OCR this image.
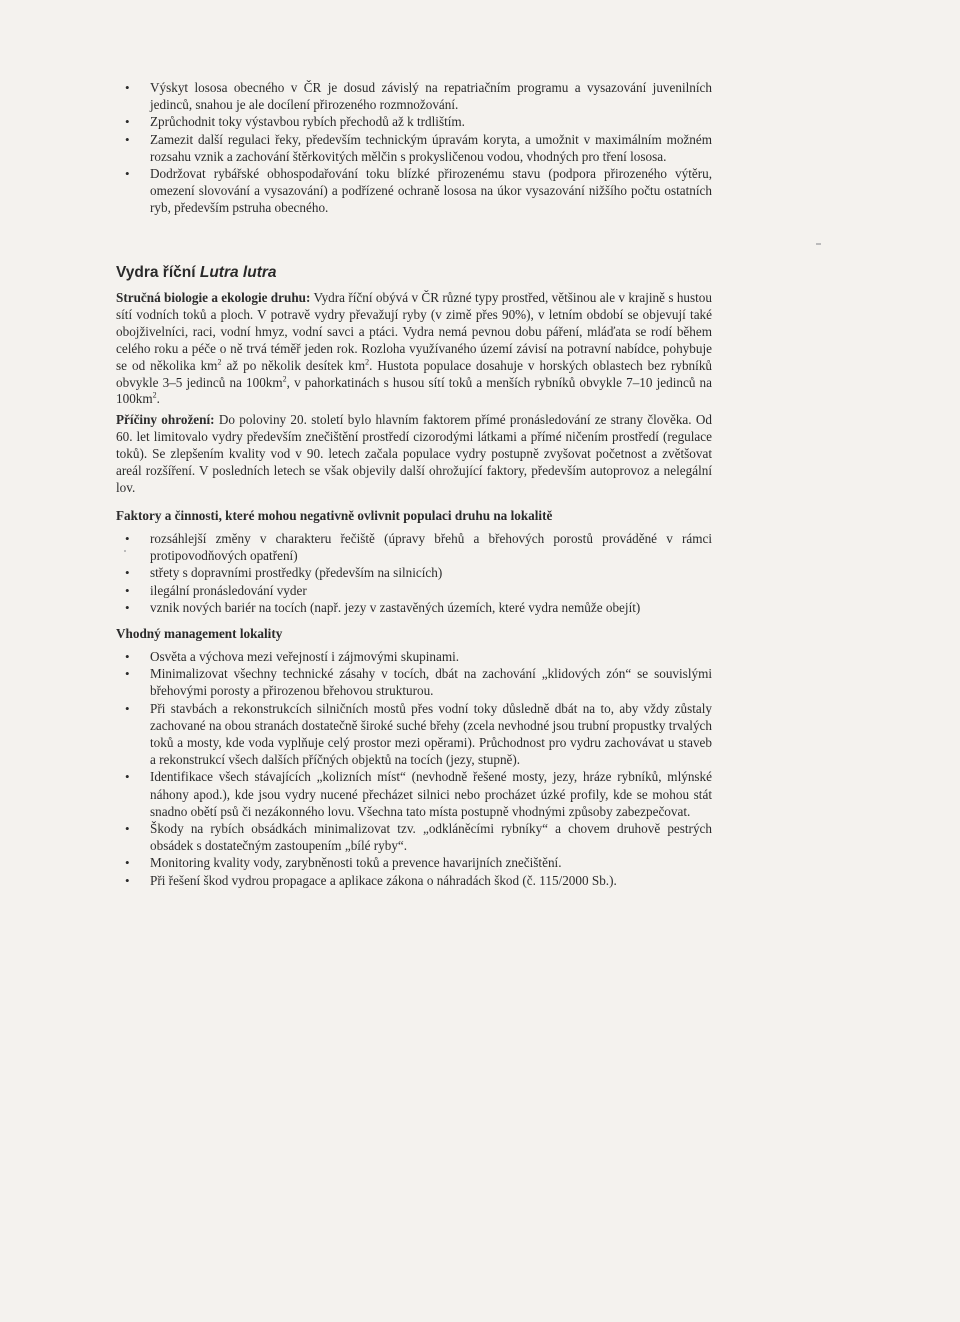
• Výskyt lososa obecného v ČR je dosud závislý na repatriačním programu a vysazování juvenilních jedinců, snahou je ale docílení přirozeného rozmnožování.
• Zprůchodnit toky výstavbou rybích přechodů až k trdlištím.
• Zamezit další regulaci řeky, především technickým úpravám koryta, a umožnit v maximálním možném rozsahu vznik a zachování štěrkovitých mělčin s prokysličenou vodou, vhodných pro tření lososa.
• Dodržovat rybářské obhospodařování toku blízké přirozenému stavu (podpora přirozeného výtěru, omezení slovování a vysazování) a podřízené ochraně lososa na úkor vysazování nižšího počtu ostatních ryb, především pstruha obecného.
Vydra říční Lutra lutra

Stručná biologie a ekologie druhu: Vydra říční obývá v ČR různé typy prostřed, většinou ale v krajině s hustou sítí vodních toků a ploch. V potravě vydry převažují ryby (v zimě přes 90%), v letním období se objevují také obojživelníci, raci, vodní hmyz, vodní savci a ptáci. Vydra nemá pevnou dobu páření, mláďata se rodí během celého roku a péče o ně trvá téměř jeden rok. Rozloha využívaného území závisí na potravní nabídce, pohybuje se od několika $km^2$ až po několik desítek $km^2$. Hustota populace dosahuje v horských oblastech bez rybníků obvykle 3–5 jedinců na $100km^2$, v pahorkatinách s husou sítí toků a menších rybníků obvykle 7–10 jedinců na $100km^2$.

Příčiny ohrožení: Do poloviny 20. století bylo hlavním faktorem přímé pronásledování ze strany člověka. Od 60. let limitovalo vydry především znečištění prostředí cizorodými látkami a přímé ničením prostředí (regulace toků). Se zlepšením kvality vod v 90. letech začala populace vydry postupně zvyšovat početnost a zvětšovat areál rozšíření. V posledních letech se však objevily další ohrožující faktory, především autoprovoz a nelegální lov.

Faktory a činnosti, které mohou negativně ovlivnit populaci druhu na lokalitě
• rozsáhlejší změny v charakteru řečiště (úpravy břehů a břehových porostů prováděné v rámci protipovodňových opatření)
• střety s dopravními prostředky (především na silnicích)
• ilegální pronásledování vyder
• vznik nových bariér na tocích (např. jezy v zastavěných územích, které vydra nemůže obejít)
Vhodný management lokality
• Osvěta a výchova mezi veřejností i zájmovými skupinami.
• Minimalizovat všechny technické zásahy v tocích, dbát na zachování „klidových zón“ se souvislými břehovými porosty a přirozenou břehovou strukturou.
• Při stavbách a rekonstrukcích silničních mostů přes vodní toky důsledně dbát na to, aby vždy zůstaly zachované na obou stranách dostatečně široké suché břehy (zcela nevhodné jsou trubní propustky trvalých toků a mosty, kde voda vyplňuje celý prostor mezi opěrami). Průchodnost pro vydru zachovávat u staveb a rekonstrukcí všech dalších příčných objektů na tocích (jezy, stupně).
• Identifikace všech stávajících „kolizních míst“ (nevhodně řešené mosty, jezy, hráze rybníků, mlýnské náhony apod.), kde jsou vydry nucené přecházet silnici nebo procházet úzké profily, kde se mohou stát snadno obětí psů či nezákonného lovu. Všechna tato místa postupně vhodnými způsoby zabezpečovat.
• Škody na rybích obsádkách minimalizovat tzv. „odkláněcími rybníky“ a chovem druhově pestrých obsádek s dostatečným zastoupením „bílé ryby“.
• Monitoring kvality vody, zarybněnosti toků a prevence havarijních znečištění.
• Při řešení škod vydrou propagace a aplikace zákona o náhradách škod (č. 115/2000 Sb.).
